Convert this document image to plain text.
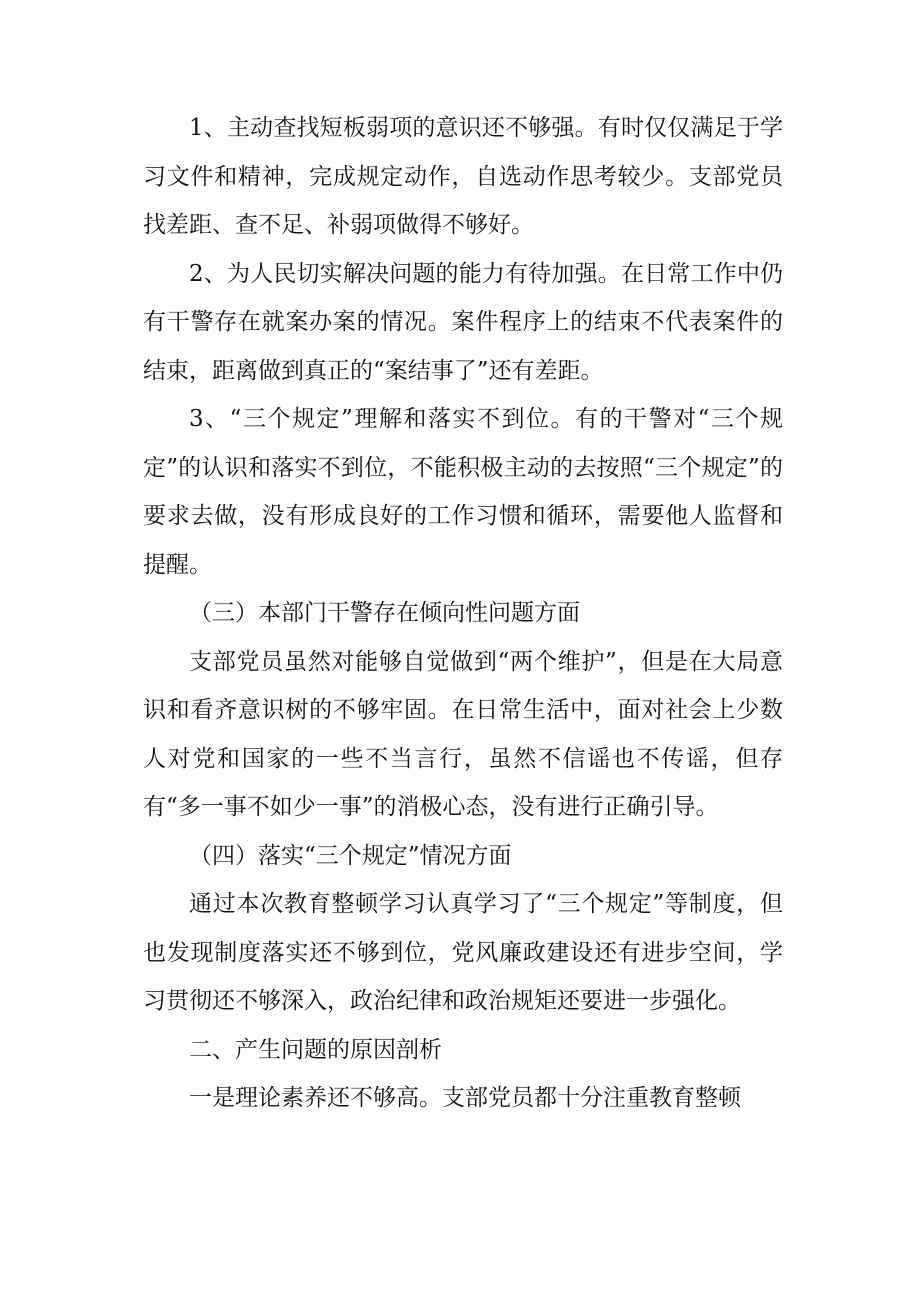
1、主动查找短板弱项的意识还不够强。有时仅仅满足于学习文件和精神，完成规定动作，自选动作思考较少。支部党员找差距、查不足、补弱项做得不够好。

2、为人民切实解决问题的能力有待加强。在日常工作中仍有干警存在就案办案的情况。案件程序上的结束不代表案件的结束，距离做到真正的“案结事了”还有差距。

3、“三个规定”理解和落实不到位。有的干警对“三个规定”的认识和落实不到位，不能积极主动的去按照“三个规定”的要求去做，没有形成良好的工作习惯和循环，需要他人监督和提醒。

（三）本部门干警存在倾向性问题方面

支部党员虽然对能够自觉做到“两个维护”，但是在大局意识和看齐意识树的不够牢固。在日常生活中，面对社会上少数人对党和国家的一些不当言行，虽然不信谣也不传谣，但存有“多一事不如少一事”的消极心态，没有进行正确引导。

（四）落实“三个规定”情况方面

通过本次教育整顿学习认真学习了“三个规定”等制度，但也发现制度落实还不够到位，党风廉政建设还有进步空间，学习贯彻还不够深入，政治纪律和政治规矩还要进一步强化。

二、产生问题的原因剖析

一是理论素养还不够高。支部党员都十分注重教育整顿
